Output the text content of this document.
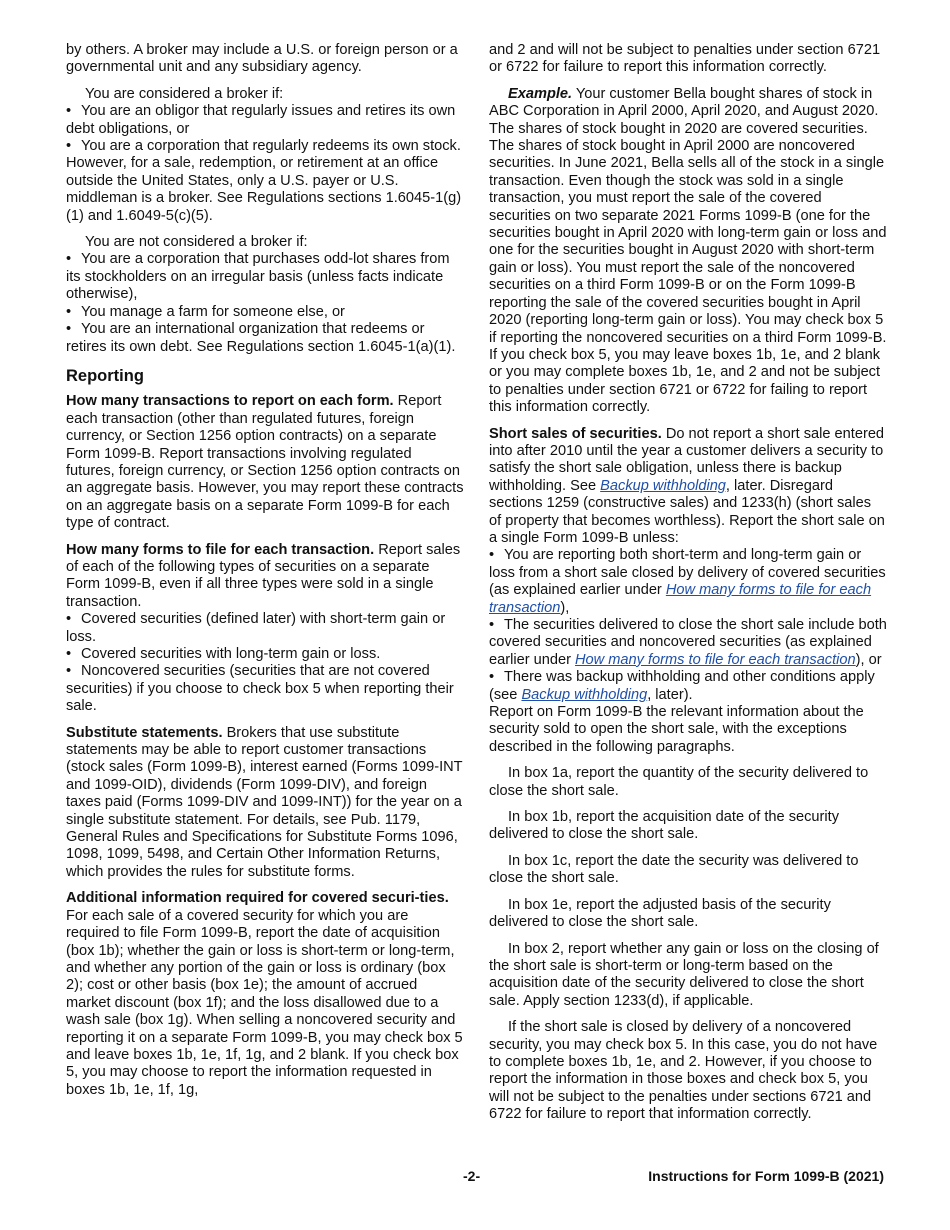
by others. A broker may include a U.S. or foreign person or a governmental unit and any subsidiary agency.

You are considered a broker if:

• You are an obligor that regularly issues and retires its own debt obligations, or

• You are a corporation that regularly redeems its own stock.

However, for a sale, redemption, or retirement at an office outside the United States, only a U.S. payer or U.S. middleman is a broker. See Regulations sections 1.6045-1(g)(1) and 1.6049-5(c)(5).

You are not considered a broker if:

• You are a corporation that purchases odd-lot shares from its stockholders on an irregular basis (unless facts indicate otherwise),

• You manage a farm for someone else, or

• You are an international organization that redeems or retires its own debt. See Regulations section 1.6045-1(a)(1).

Reporting

How many transactions to report on each form. Report each transaction (other than regulated futures, foreign currency, or Section 1256 option contracts) on a separate Form 1099-B. Report transactions involving regulated futures, foreign currency, or Section 1256 option contracts on an aggregate basis. However, you may report these contracts on an aggregate basis on a separate Form 1099-B for each type of contract.

How many forms to file for each transaction. Report sales of each of the following types of securities on a separate Form 1099-B, even if all three types were sold in a single transaction.

• Covered securities (defined later) with short-term gain or loss.

• Covered securities with long-term gain or loss.

• Noncovered securities (securities that are not covered securities) if you choose to check box 5 when reporting their sale.

Substitute statements. Brokers that use substitute statements may be able to report customer transactions (stock sales (Form 1099-B), interest earned (Forms 1099-INT and 1099-OID), dividends (Form 1099-DIV), and foreign taxes paid (Forms 1099-DIV and 1099-INT)) for the year on a single substitute statement. For details, see Pub. 1179, General Rules and Specifications for Substitute Forms 1096, 1098, 1099, 5498, and Certain Other Information Returns, which provides the rules for substitute forms.

Additional information required for covered securi-ties. For each sale of a covered security for which you are required to file Form 1099-B, report the date of acquisition (box 1b); whether the gain or loss is short-term or long-term, and whether any portion of the gain or loss is ordinary (box 2); cost or other basis (box 1e); the amount of accrued market discount (box 1f); and the loss disallowed due to a wash sale (box 1g). When selling a noncovered security and reporting it on a separate Form 1099-B, you may check box 5 and leave boxes 1b, 1e, 1f, 1g, and 2 blank. If you check box 5, you may choose to report the information requested in boxes 1b, 1e, 1f, 1g,

and 2 and will not be subject to penalties under section 6721 or 6722 for failure to report this information correctly.

Example. Your customer Bella bought shares of stock in ABC Corporation in April 2000, April 2020, and August 2020. The shares of stock bought in 2020 are covered securities. The shares of stock bought in April 2000 are noncovered securities. In June 2021, Bella sells all of the stock in a single transaction. Even though the stock was sold in a single transaction, you must report the sale of the covered securities on two separate 2021 Forms 1099-B (one for the securities bought in April 2020 with long-term gain or loss and one for the securities bought in August 2020 with short-term gain or loss). You must report the sale of the noncovered securities on a third Form 1099-B or on the Form 1099-B reporting the sale of the covered securities bought in April 2020 (reporting long-term gain or loss). You may check box 5 if reporting the noncovered securities on a third Form 1099-B. If you check box 5, you may leave boxes 1b, 1e, and 2 blank or you may complete boxes 1b, 1e, and 2 and not be subject to penalties under section 6721 or 6722 for failing to report this information correctly.

Short sales of securities. Do not report a short sale entered into after 2010 until the year a customer delivers a security to satisfy the short sale obligation, unless there is backup withholding. See Backup withholding, later. Disregard sections 1259 (constructive sales) and 1233(h) (short sales of property that becomes worthless). Report the short sale on a single Form 1099-B unless:

• You are reporting both short-term and long-term gain or loss from a short sale closed by delivery of covered securities (as explained earlier under How many forms to file for each transaction),

• The securities delivered to close the short sale include both covered securities and noncovered securities (as explained earlier under How many forms to file for each transaction), or

• There was backup withholding and other conditions apply (see Backup withholding, later).

Report on Form 1099-B the relevant information about the security sold to open the short sale, with the exceptions described in the following paragraphs.

In box 1a, report the quantity of the security delivered to close the short sale.

In box 1b, report the acquisition date of the security delivered to close the short sale.

In box 1c, report the date the security was delivered to close the short sale.

In box 1e, report the adjusted basis of the security delivered to close the short sale.

In box 2, report whether any gain or loss on the closing of the short sale is short-term or long-term based on the acquisition date of the security delivered to close the short sale. Apply section 1233(d), if applicable.

If the short sale is closed by delivery of a noncovered security, you may check box 5. In this case, you do not have to complete boxes 1b, 1e, and 2. However, if you choose to report the information in those boxes and check box 5, you will not be subject to the penalties under sections 6721 and 6722 for failure to report that information correctly.

-2-	Instructions for Form 1099-B (2021)
